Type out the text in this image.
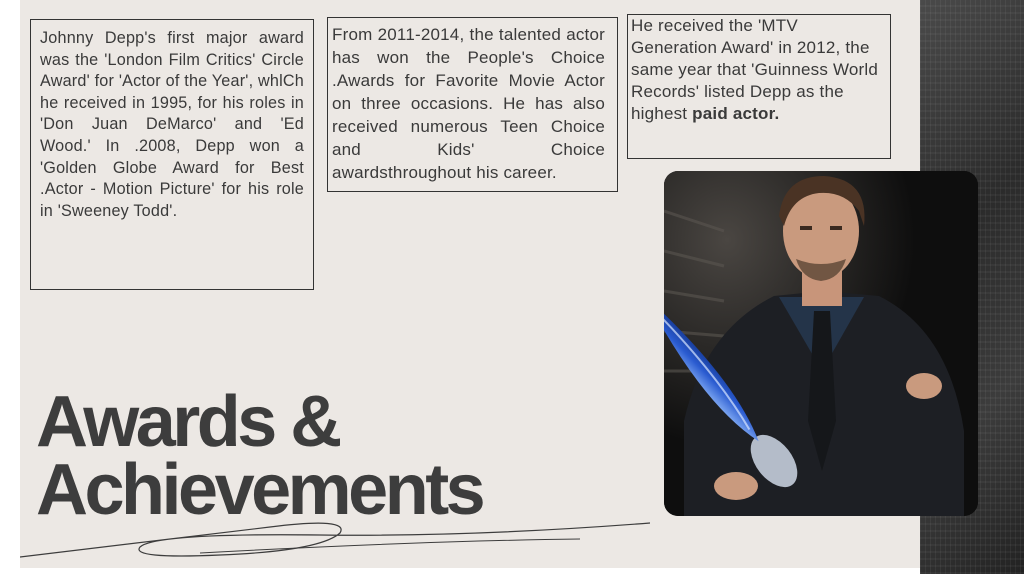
Johnny Depp's first major award was the 'London Film Critics' Circle Award' for 'Actor of the Year', whlCh he received in 1995, for his roles in 'Don Juan DeMarco' and 'Ed Wood.' In .2008, Depp won a 'Golden Globe Award for Best .Actor - Motion Picture' for his role in 'Sweeney Todd'.

From 2011-2014, the talented actor has won the People's Choice .Awards for Favorite Movie Actor on three occasions. He has also received numerous Teen Choice and Kids' Choice awardsthroughout his career.

He received the 'MTV Generation Award' in 2012, the same year that 'Guinness World Records' listed Depp as the highest paid actor.

Awards &
Achievements
